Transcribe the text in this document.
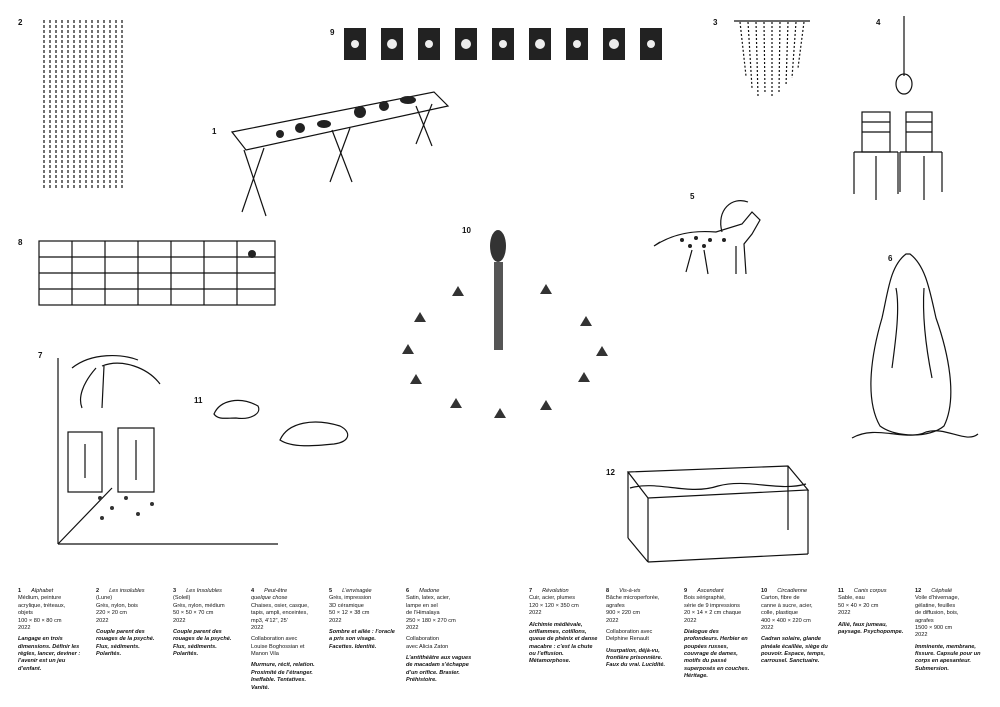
2
9
3	4
1
5
8
10
6
7
11
12
1 Alphabet
Médium, peinture
acrylique, tréteaux,
objets
100 × 80 × 80 cm
2022
Langage en trois dimensions. Définir les règles, lancer, deviner : l’avenir est un jeu d’enfant.
2 Les insolubles
(Lune)
Grès, nylon, bois
220 × 20 cm
2022
Couple parent des rouages de la psyché. Flux, sédiments. Polarités.
3 Les Insolubles
(Soleil)
Grès, nylon, médium
50 × 50 × 70 cm
2022
Couple parent des rouages de la psyché. Flux, sédiments. Polarités.
4 Peut-être
quelque chose
Chaises, osier, casque,
tapis, ampli, enceintes,
mp3, 4’12”, 25’
2022
Collaboration avec
Louise Boghossian et
Manon Vila
Murmure, récit, relation. Proximité de l’étranger. Ineffable. Tentatives. Vanité.
5 L’envisagée
Grès, impression
3D céramique
50 × 12 × 38 cm
2022
Sombre et ailée : l’oracle a pris son visage. Facettes. Identité.
6 Madone
Satin, latex, acier,
lampe en sel
de l’Himalaya
250 × 180 × 270 cm
2022
Collaboration
avec Alicia Zaton
L’antithéâtre aux vagues de macadam s’échappe d’un orifice. Brasier. Préhistoire.
7 Révolution
Cuir, acier, plumes
120 × 120 × 350 cm
2022
Alchimie médiévale, oriflammes, cotillons, queue de phénix et danse macabre : c’est la chute ou l’effusion. Métamorphose.
8 Vis-à-vis
Bâche microperforée,
agrafes
900 × 220 cm
2022
Collaboration avec
Delphine Renault
Usurpation, déjà-vu, frontière prisonnière. Faux du vrai. Lucidité.
9 Ascendant
Bois sérigraphié,
série de 9 impressions
20 × 14 × 2 cm chaque
2022
Dialogue des profondeurs. Herbier en poupées russes, couvrage de dames, motifs du passé superposés en couches. Héritage.
10 Circadienne
Carton, fibre de
canne à sucre, acier,
colle, plastique
400 × 400 × 220 cm
2022
Cadran solaire, glande pinéale écaillée, siège du pouvoir. Espace, temps, carrousel. Sanctuaire.
11 Canis corpus
Sable, eau
50 × 40 × 20 cm
2022
Allié, faux jumeau, paysage. Psychopompe.
12 Céphalé
Voile d’hivernage,
gélatine, feuilles
de diffusion, bois,
agrafes
1500 × 900 cm
2022
Imminente, membrane, fissure. Capsule pour un corps en apesanteur. Submersion.
